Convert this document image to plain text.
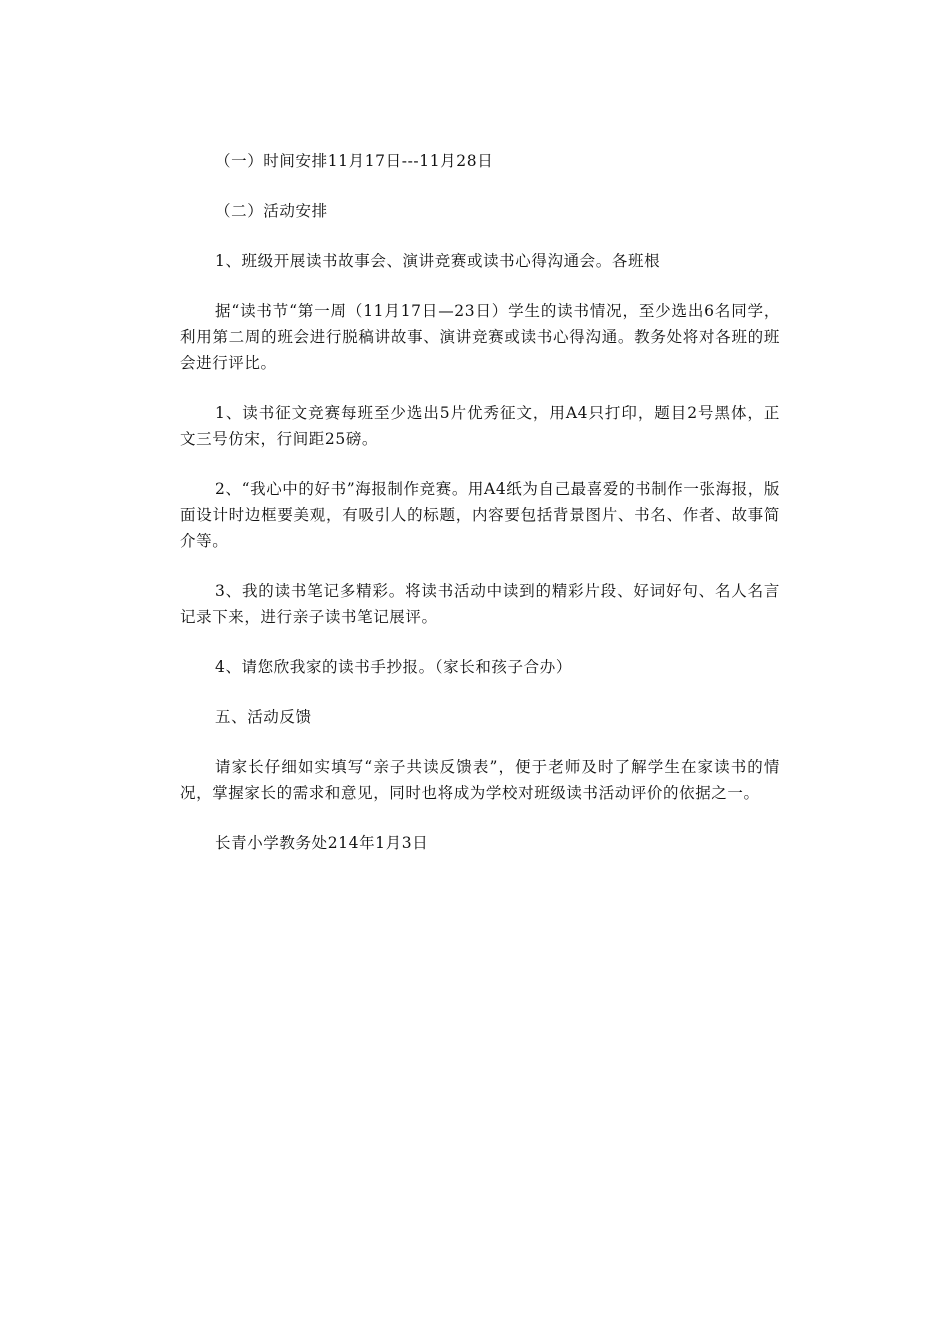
（一）时间安排11月17日---11月28日

（二）活动安排

1、班级开展读书故事会、演讲竞赛或读书心得沟通会。各班根

据“读书节“第一周（11月17日—23日）学生的读书情况，至少选出6名同学，利用第二周的班会进行脱稿讲故事、演讲竞赛或读书心得沟通。教务处将对各班的班会进行评比。

1、读书征文竞赛每班至少选出5片优秀征文，用A4只打印，题目2号黑体，正文三号仿宋，行间距25磅。

2、“我心中的好书”海报制作竞赛。用A4纸为自己最喜爱的书制作一张海报，版面设计时边框要美观，有吸引人的标题，内容要包括背景图片、书名、作者、故事简介等。

3、我的读书笔记多精彩。将读书活动中读到的精彩片段、好词好句、名人名言记录下来，进行亲子读书笔记展评。

4、请您欣我家的读书手抄报。（家长和孩子合办）

五、活动反馈

请家长仔细如实填写“亲子共读反馈表”，便于老师及时了解学生在家读书的情况，掌握家长的需求和意见，同时也将成为学校对班级读书活动评价的依据之一。

长青小学教务处214年1月3日
